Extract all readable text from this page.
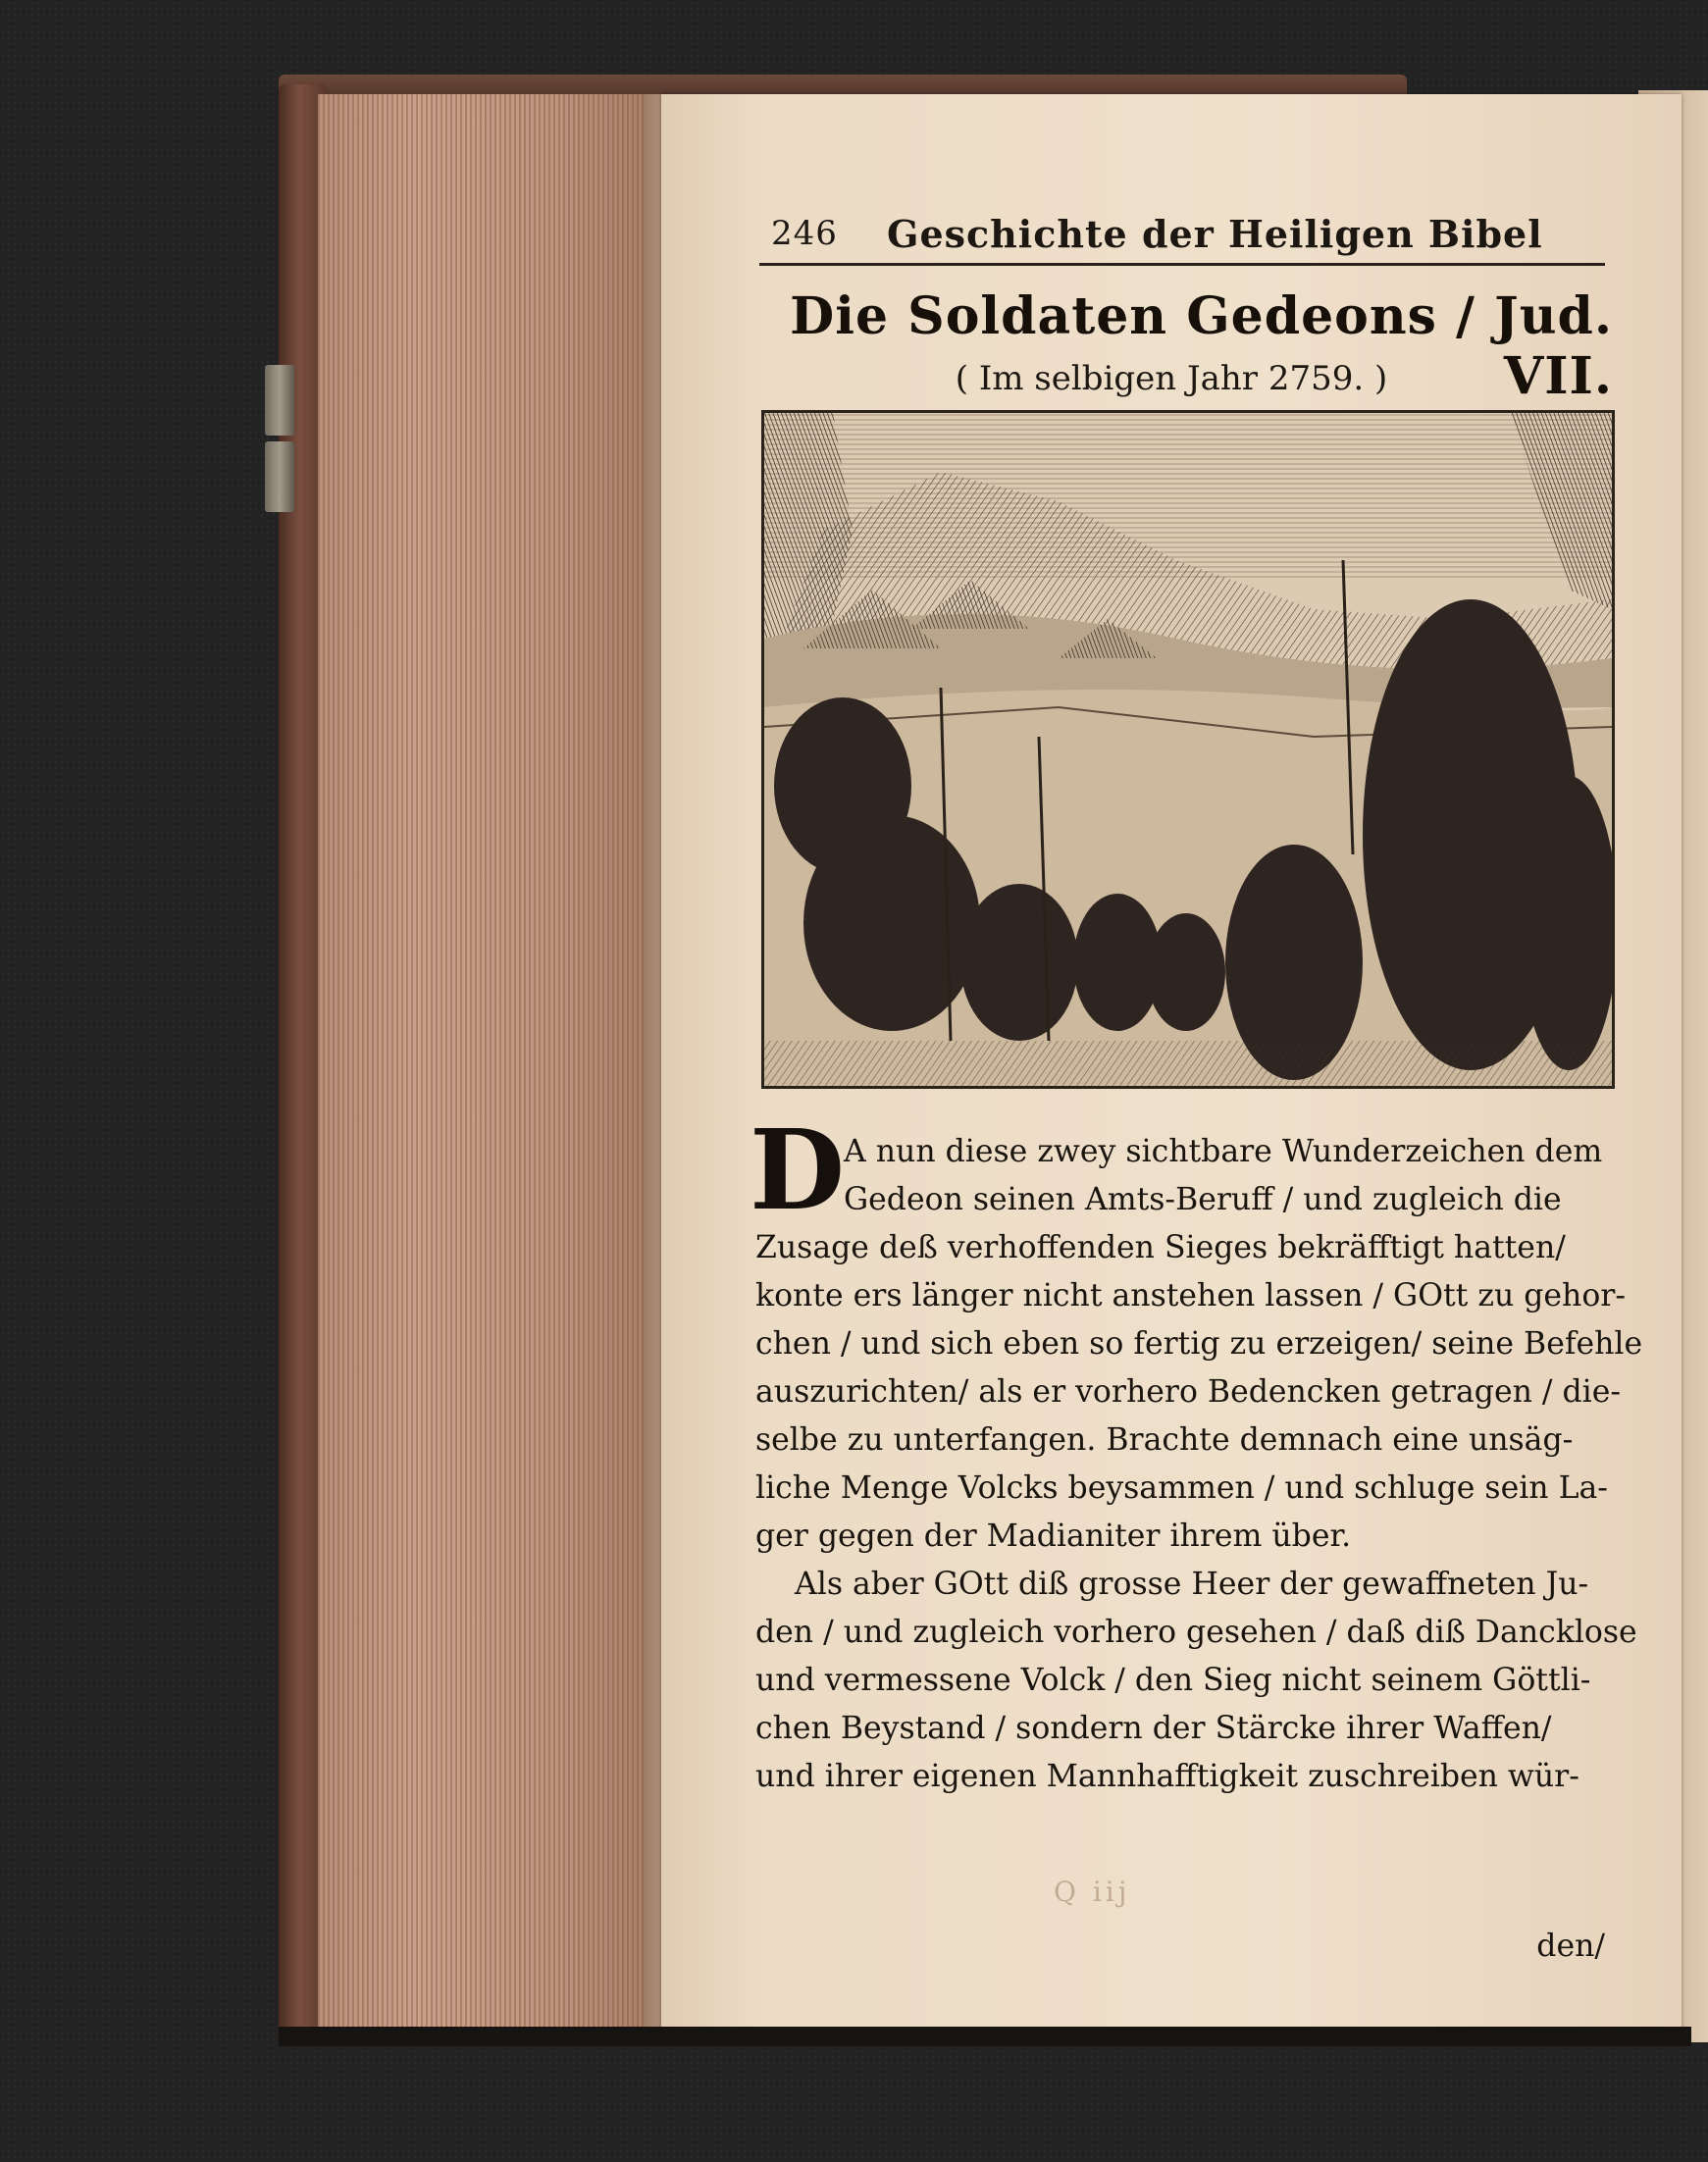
246 Geschichte der Heiligen Bibel
Die Soldaten Gedeons / Jud. VII.
( Im selbigen Jahr 2759. )
D
A nun diese zwey sichtbare Wunderzeichen dem
Gedeon seinen Amts-Beruff / und zugleich die
Zusage deß verhoffenden Sieges bekräfftigt hatten/
konte ers länger nicht anstehen lassen / GOtt zu gehor-
chen / und sich eben so fertig zu erzeigen/ seine Befehle
auszurichten/ als er vorhero Bedencken getragen / die-
selbe zu unterfangen. Brachte demnach eine unsäg-
liche Menge Volcks beysammen / und schluge sein La-
ger gegen der Madianiter ihrem über.
Als aber GOtt diß grosse Heer der gewaffneten Ju-
den / und zugleich vorhero gesehen / daß diß Dancklose
und vermessene Volck / den Sieg nicht seinem Göttli-
chen Beystand / sondern der Stärcke ihrer Waffen/
und ihrer eigenen Mannhafftigkeit zuschreiben wür-
Q iij
den/
